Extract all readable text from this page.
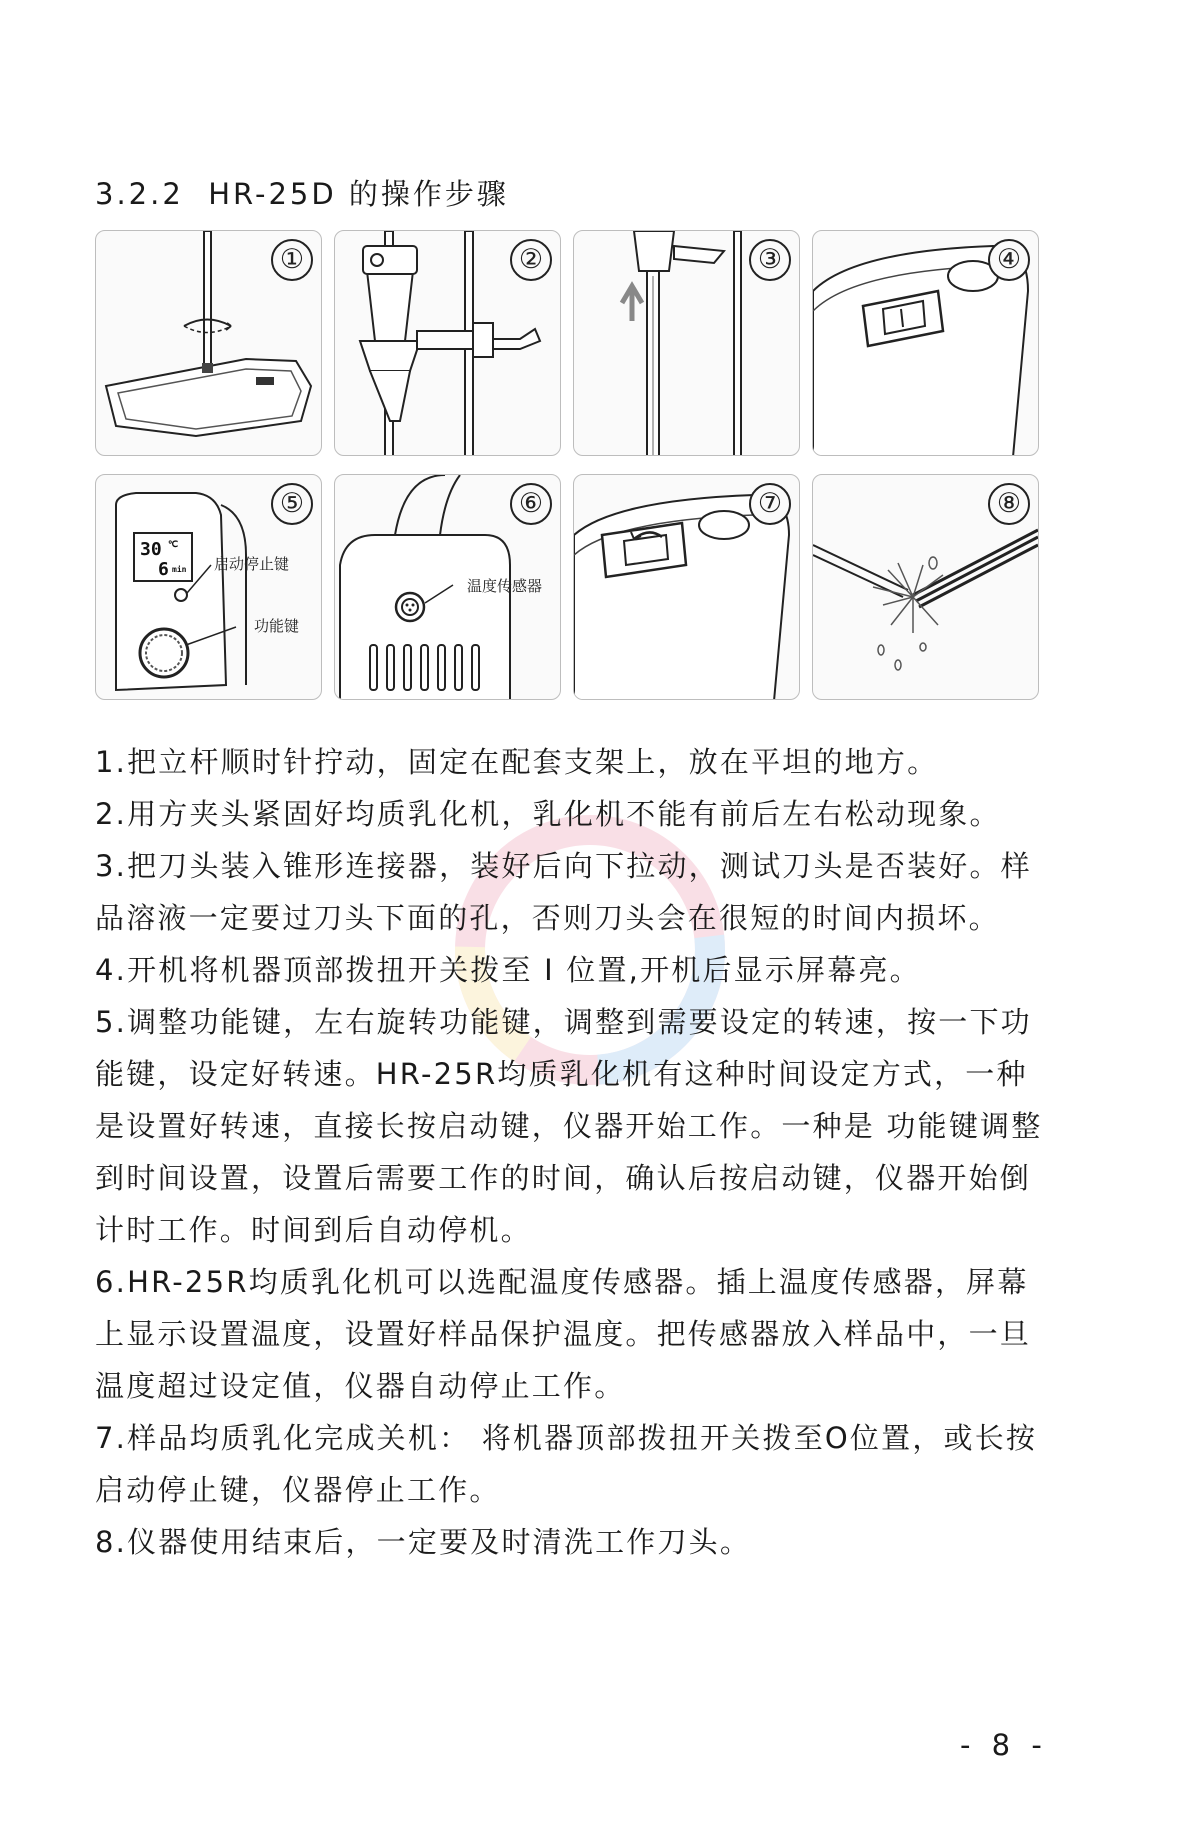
3.2.2  HR-25D 的操作步骤
①	②	③	④
30 ℃
6 min 启动停止键
功能键
⑤
温度传感器
⑥	⑦	⑧

1.把立杆顺时针拧动，固定在配套支架上，放在平坦的地方。

2.用方夹头紧固好均质乳化机，乳化机不能有前后左右松动现象。

3.把刀头装入锥形连接器，装好后向下拉动，测试刀头是否装好。样品溶液一定要过刀头下面的孔，否则刀头会在很短的时间内损坏。

4.开机将机器顶部拨扭开关拨至 I 位置,开机后显示屏幕亮。

5.调整功能键，左右旋转功能键，调整到需要设定的转速，按一下功能键，设定好转速。HR-25R均质乳化机有这种时间设定方式，一种是设置好转速，直接长按启动键，仪器开始工作。一种是 功能键调整到时间设置，设置后需要工作的时间，确认后按启动键，仪器开始倒计时工作。时间到后自动停机。

6.HR-25R均质乳化机可以选配温度传感器。插上温度传感器，屏幕上显示设置温度，设置好样品保护温度。把传感器放入样品中，一旦温度超过设定值，仪器自动停止工作。

7.样品均质乳化完成关机： 将机器顶部拨扭开关拨至O位置，或长按启动停止键，仪器停止工作。

8.仪器使用结束后，一定要及时清洗工作刀头。

- 8 -
